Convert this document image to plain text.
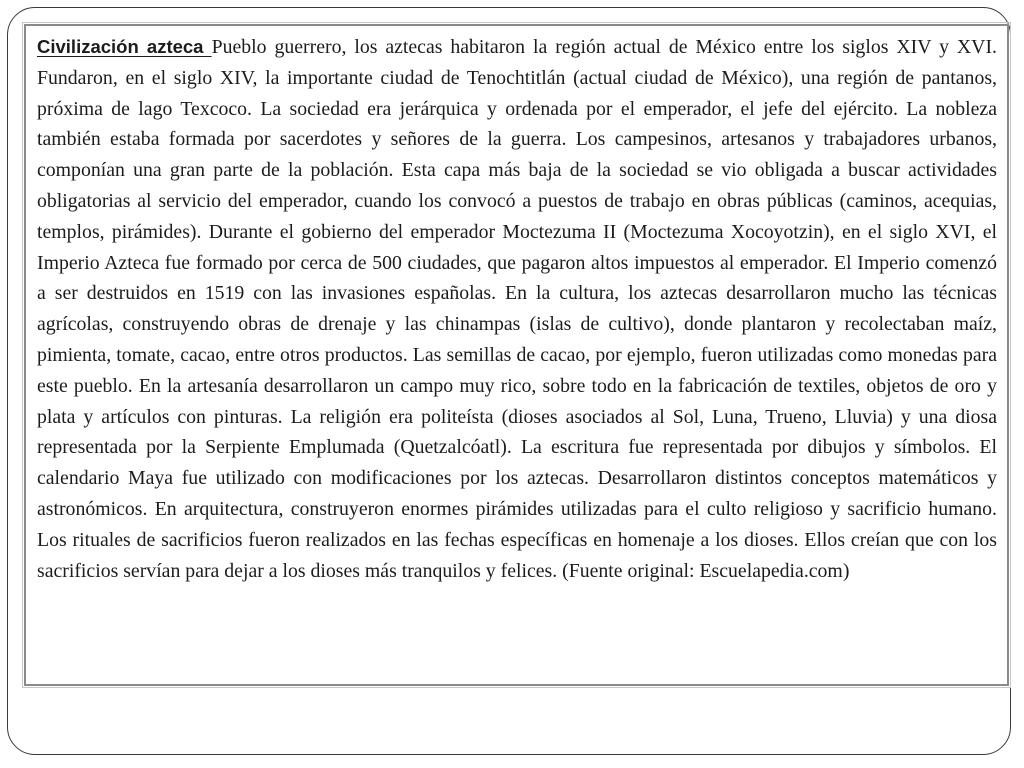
Civilización azteca Pueblo guerrero, los aztecas habitaron la región actual de México entre los siglos XIV y XVI. Fundaron, en el siglo XIV, la importante ciudad de Tenochtitlán (actual ciudad de México), una región de pantanos, próxima de lago Texcoco. La sociedad era jerárquica y ordenada por el emperador, el jefe del ejército. La nobleza también estaba formada por sacerdotes y señores de la guerra. Los campesinos, artesanos y trabajadores urbanos, componían una gran parte de la población. Esta capa más baja de la sociedad se vio obligada a buscar actividades obligatorias al servicio del emperador, cuando los convocó a puestos de trabajo en obras públicas (caminos, acequias, templos, pirámides). Durante el gobierno del emperador Moctezuma II (Moctezuma Xocoyotzin), en el siglo XVI, el Imperio Azteca fue formado por cerca de 500 ciudades, que pagaron altos impuestos al emperador. El Imperio comenzó a ser destruidos en 1519 con las invasiones españolas. En la cultura, los aztecas desarrollaron mucho las técnicas agrícolas, construyendo obras de drenaje y las chinampas (islas de cultivo), donde plantaron y recolectaban maíz, pimienta, tomate, cacao, entre otros productos. Las semillas de cacao, por ejemplo, fueron utilizadas como monedas para este pueblo. En la artesanía desarrollaron un campo muy rico, sobre todo en la fabricación de textiles, objetos de oro y plata y artículos con pinturas. La religión era politeísta (dioses asociados al Sol, Luna, Trueno, Lluvia) y una diosa representada por la Serpiente Emplumada (Quetzalcóatl). La escritura fue representada por dibujos y símbolos. El calendario Maya fue utilizado con modificaciones por los aztecas. Desarrollaron distintos conceptos matemáticos y astronómicos. En arquitectura, construyeron enormes pirámides utilizadas para el culto religioso y sacrificio humano. Los rituales de sacrificios fueron realizados en las fechas específicas en homenaje a los dioses. Ellos creían que con los sacrificios servían para dejar a los dioses más tranquilos y felices. (Fuente original: Escuelapedia.com)
